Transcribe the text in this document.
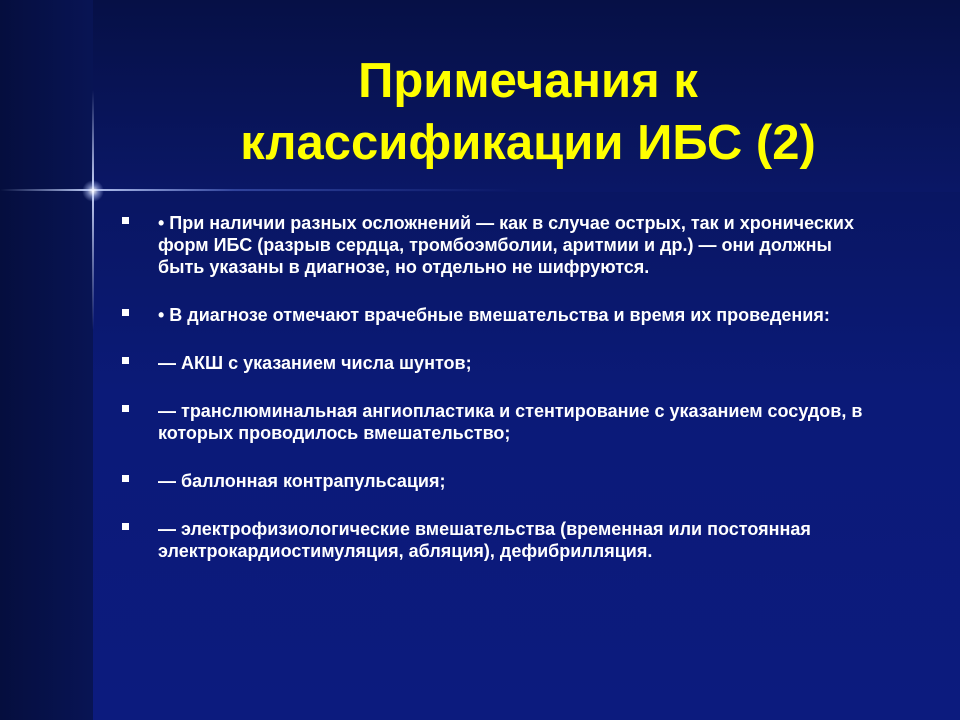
Примечания к
классификации ИБС (2)
• При наличии разных осложнений — как в случае острых, так и хронических форм ИБС (разрыв сердца, тромбоэмболии, аритмии и др.) — они должны быть указаны в диагнозе, но отдельно не шифруются.
• В диагнозе отмечают врачебные вмешательства и время их проведения:
— АКШ с указанием числа шунтов;
— транслюминальная ангиопластика и стентирование с указанием сосудов, в которых проводилось вмешательство;
— баллонная контрапульсация;
— электрофизиологические вмешательства (временная или постоянная электрокардиостимуляция, абляция), дефибрилляция.
